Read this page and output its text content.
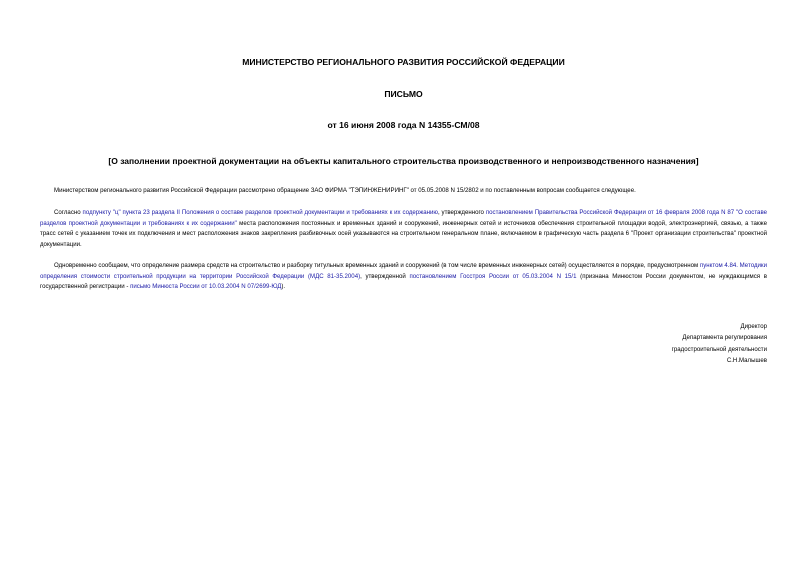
МИНИСТЕРСТВО РЕГИОНАЛЬНОГО РАЗВИТИЯ РОССИЙСКОЙ ФЕДЕРАЦИИ
ПИСЬМО
от 16 июня 2008 года N 14355-СМ/08
[О заполнении проектной документации на объекты капитального строительства производственного и непроизводственного назначения]
Министерством регионального развития Российской Федерации рассмотрено обращение ЗАО ФИРМА "ТЭПИНЖЕНИРИНГ" от 05.05.2008 N 15/2802 и по поставленным вопросам сообщается следующее.
Согласно подпункту "ц" пункта 23 раздела II Положения о составе разделов проектной документации и требованиях к их содержанию, утвержденного постановлением Правительства Российской Федерации от 16 февраля 2008 года N 87 "О составе разделов проектной документации и требованиях к их содержании" места расположения постоянных и временных зданий и сооружений, инженерных сетей и источников обеспечения строительной площадки водой, электроэнергией, связью, а также трасс сетей с указанием точек их подключения и мест расположения знаков закрепления разбивочных осей указываются на строительном генеральном плане, включаемом в графическую часть раздела 6 "Проект организации строительства" проектной документации.
Одновременно сообщаем, что определение размера средств на строительство и разборку титульных временных зданий и сооружений (в том числе временных инженерных сетей) осуществляется в порядке, предусмотренном пунктом 4.84. Методики определения стоимости строительной продукции на территории Российской Федерации (МДС 81-35.2004), утвержденной постановлением Госстроя России от 05.03.2004 N 15/1 (признана Минюстом России документом, не нуждающимся в государственной регистрации - письмо Минюста России от 10.03.2004 N 07/2699-ЮД).
Директор
Департамента регулирования
градостроительной деятельности
С.Н.Малышев
